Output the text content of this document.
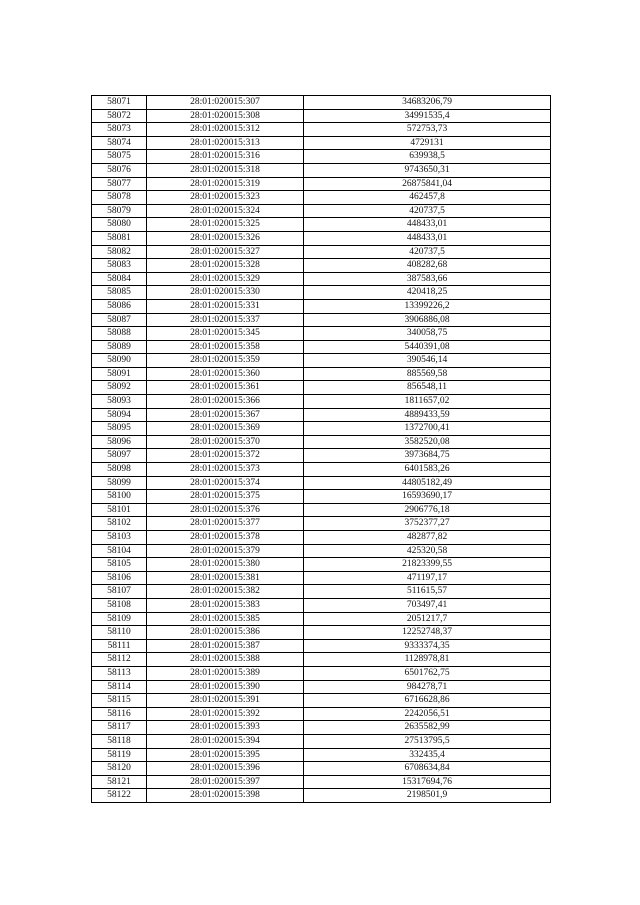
58071	28:01:020015:307	34683206,79
58072	28:01:020015:308	34991535,4
58073	28:01:020015:312	572753,73
58074	28:01:020015:313	4729131
58075	28:01:020015:316	639938,5
58076	28:01:020015:318	9743650,31
58077	28:01:020015:319	26875841,04
58078	28:01:020015:323	462457,8
58079	28:01:020015:324	420737,5
58080	28:01:020015:325	448433,01
58081	28:01:020015:326	448433,01
58082	28:01:020015:327	420737,5
58083	28:01:020015:328	408282,68
58084	28:01:020015:329	387583,66
58085	28:01:020015:330	420418,25
58086	28:01:020015:331	13399226,2
58087	28:01:020015:337	3906886,08
58088	28:01:020015:345	340058,75
58089	28:01:020015:358	5440391,08
58090	28:01:020015:359	390546,14
58091	28:01:020015:360	885569,58
58092	28:01:020015:361	856548,11
58093	28:01:020015:366	1811657,02
58094	28:01:020015:367	4889433,59
58095	28:01:020015:369	1372700,41
58096	28:01:020015:370	3582520,08
58097	28:01:020015:372	3973684,75
58098	28:01:020015:373	6401583,26
58099	28:01:020015:374	44805182,49
58100	28:01:020015:375	16593690,17
58101	28:01:020015:376	2906776,18
58102	28:01:020015:377	3752377,27
58103	28:01:020015:378	482877,82
58104	28:01:020015:379	425320,58
58105	28:01:020015:380	21823399,55
58106	28:01:020015:381	471197,17
58107	28:01:020015:382	511615,57
58108	28:01:020015:383	703497,41
58109	28:01:020015:385	2051217,7
58110	28:01:020015:386	12252748,37
58111	28:01:020015:387	9333374,35
58112	28:01:020015:388	1128978,81
58113	28:01:020015:389	6501762,75
58114	28:01:020015:390	984278,71
58115	28:01:020015:391	6716628,86
58116	28:01:020015:392	2242056,51
58117	28:01:020015:393	2635582,99
58118	28:01:020015:394	27513795,5
58119	28:01:020015:395	332435,4
58120	28:01:020015:396	6708634,84
58121	28:01:020015:397	15317694,76
58122	28:01:020015:398	2198501,9
